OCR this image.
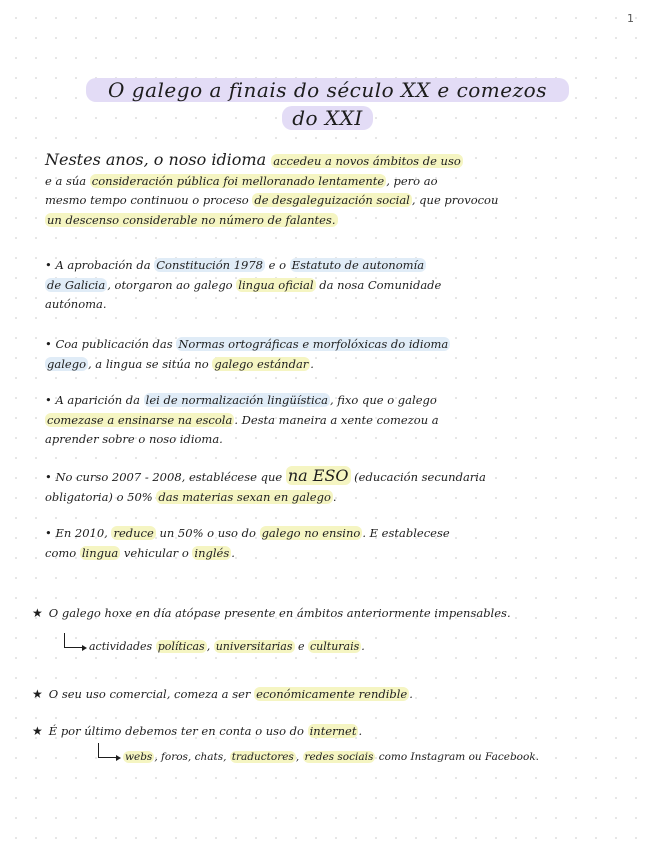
1
O galego a finais do século XX e comezos
do XXI

Nestes anos, o noso idioma accedeu a novos ámbitos de uso

e a súa consideración pública foi melloranado lentamente , pero ao

mesmo tempo continuou o proceso de desgaleguización social , que provocou

un descenso considerable no número de falantes.

• A aprobación da Constitución 1978 e o Estatuto de autonomía

de Galicia , otorgaron ao galego lingua oficial da nosa Comunidade

autónoma.

• Coa publicación das Normas ortográficas e morfolóxicas do idioma

galego , a lingua se sitúa no galego estándar .

• A aparición da lei de normalización lingüística , fixo que o galego

comezase a ensinarse na escola . Desta maneira a xente comezou a

aprender sobre o noso idioma.

• No curso 2007 - 2008, establécese que na ESO (educación secundaria

obligatoria) o 50% das materias sexan en galego .

• En 2010, reduce un 50% o uso do galego no ensino . E establecese

como lingua vehicular o inglés .

★ O galego hoxe en día atópase presente en ámbitos anteriormente impensables.
actividades políticas , universitarias e culturais .
★ O seu uso comercial, comeza a ser económicamente rendible .
★ É por último debemos ter en conta o uso do internet .
webs , foros, chats, traductores , redes sociais como Instagram ou Facebook.
